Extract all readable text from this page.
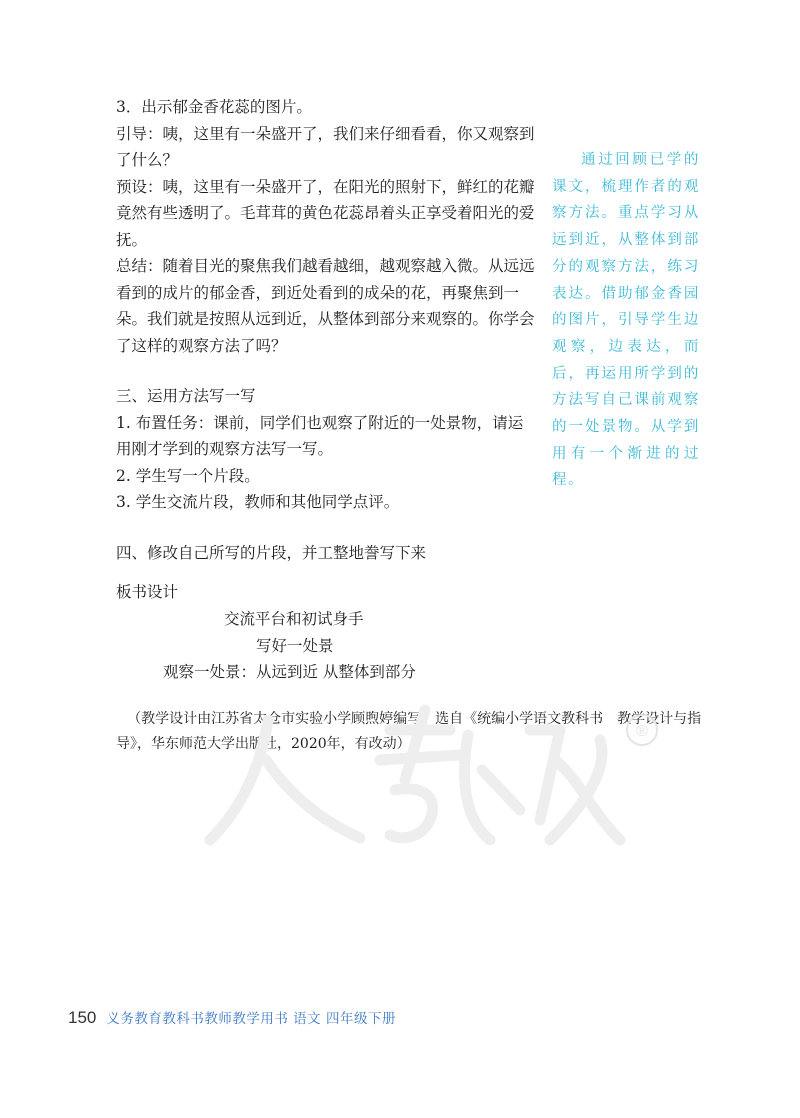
3．出示郁金香花蕊的图片。

引导：咦，这里有一朵盛开了，我们来仔细看看，你又观察到了什么？

预设：咦，这里有一朵盛开了，在阳光的照射下，鲜红的花瓣竟然有些透明了。毛茸茸的黄色花蕊昂着头正享受着阳光的爱抚。

总结：随着目光的聚焦我们越看越细，越观察越入微。从远远看到的成片的郁金香，到近处看到的成朵的花，再聚焦到一朵。我们就是按照从远到近，从整体到部分来观察的。你学会了这样的观察方法了吗？

三、运用方法写一写

1. 布置任务：课前，同学们也观察了附近的一处景物，请运用刚才学到的观察方法写一写。

2. 学生写一个片段。

3. 学生交流片段，教师和其他同学点评。

四、修改自己所写的片段，并工整地誊写下来

通过回顾已学的课文，梳理作者的观察方法。重点学习从远到近，从整体到部分的观察方法，练习表达。借助郁金香园的图片，引导学生边观察，边表达，而后，再运用所学到的方法写自己课前观察的一处景物。从学到用有一个渐进的过程。

板书设计
交流平台和初试身手
写好一处景
观察一处景：从远到近 从整体到部分

（教学设计由江苏省太仓市实验小学顾煦婷编写，选自《统编小学语文教科书　教学设计与指导》，华东师范大学出版社，2020年，有改动）

®
150 义务教育教科书教师教学用书 语文 四年级下册
